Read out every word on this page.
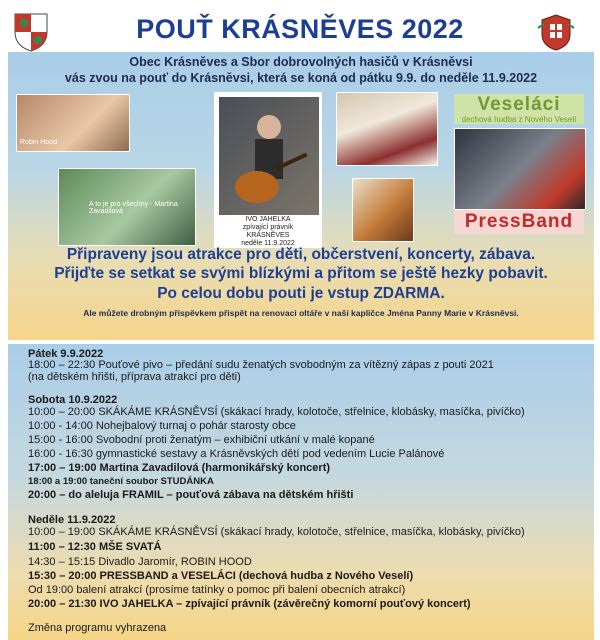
POUŤ KRÁSNĚVES 2022
Obec Krásněves a Sbor dobrovolných hasičů v Krásněvsi
vás zvou na pouť do Krásněvsi, která se koná od pátku 9.9. do neděle 11.9.2022
Robin Hood
A to je pro všechny - Martina Zavadilová
IVO JAHELKA
zpívající právník
KRÁSNĚVES
neděle 11.9.2022
Veseláci
dechová hudba z Nového Veselí
PressBand
Připraveny jsou atrakce pro děti, občerstvení, koncerty, zábava.
Přijďte se setkat se svými blízkými a přitom se ještě hezky pobavit.
Po celou dobu pouti je vstup ZDARMA.
Ale můžete drobným příspěvkem přispět na renovaci oltáře v naší kapličce Jména Panny Marie v Krásněvsi.
Pátek 9.9.2022
18:00 – 22:30 Pouťové pivo – předání sudu ženatých svobodným za vítězný zápas z pouti 2021
(na dětském hřišti, příprava atrakcí pro děti)
Sobota 10.9.2022
10:00 – 20:00 SKÁKÁME KRÁSNĚVSÍ (skákací hrady, kolotoče, střelnice, klobásky, masíčka, pivíčko)
10:00 - 14:00 Nohejbalový turnaj o pohár starosty obce
15:00 - 16:00 Svobodní proti ženatým – exhibiční utkání v malé kopané
16:00 - 16:30 gymnastické sestavy a Krásněvských dětí pod vedením Lucie Palánové
17:00 – 19:00 Martina Zavadilová (harmonikářský koncert)
18:00 a 19:00 taneční soubor STUDÁNKA
20:00 – do aleluja FRAMIL – pouťová zábava na dětském hřišti
Neděle 11.9.2022
10:00 – 19:00 SKÁKÁME KRÁSNĚVSÍ (skákací hrady, kolotoče, střelnice, masíčka, klobásky, pivíčko)
11:00 – 12:30 MŠE SVATÁ
14:30 – 15:15 Divadlo Jaromír, ROBIN HOOD
15:30 – 20:00 PRESSBAND a VESELÁCI (dechová hudba z Nového Veselí)
Od 19:00 balení atrakcí (prosíme tatínky o pomoc při balení obecních atrakcí)
20:00 – 21:30 IVO JAHELKA – zpívající právník (závěrečný komorní pouťový koncert)
Změna programu vyhrazena
